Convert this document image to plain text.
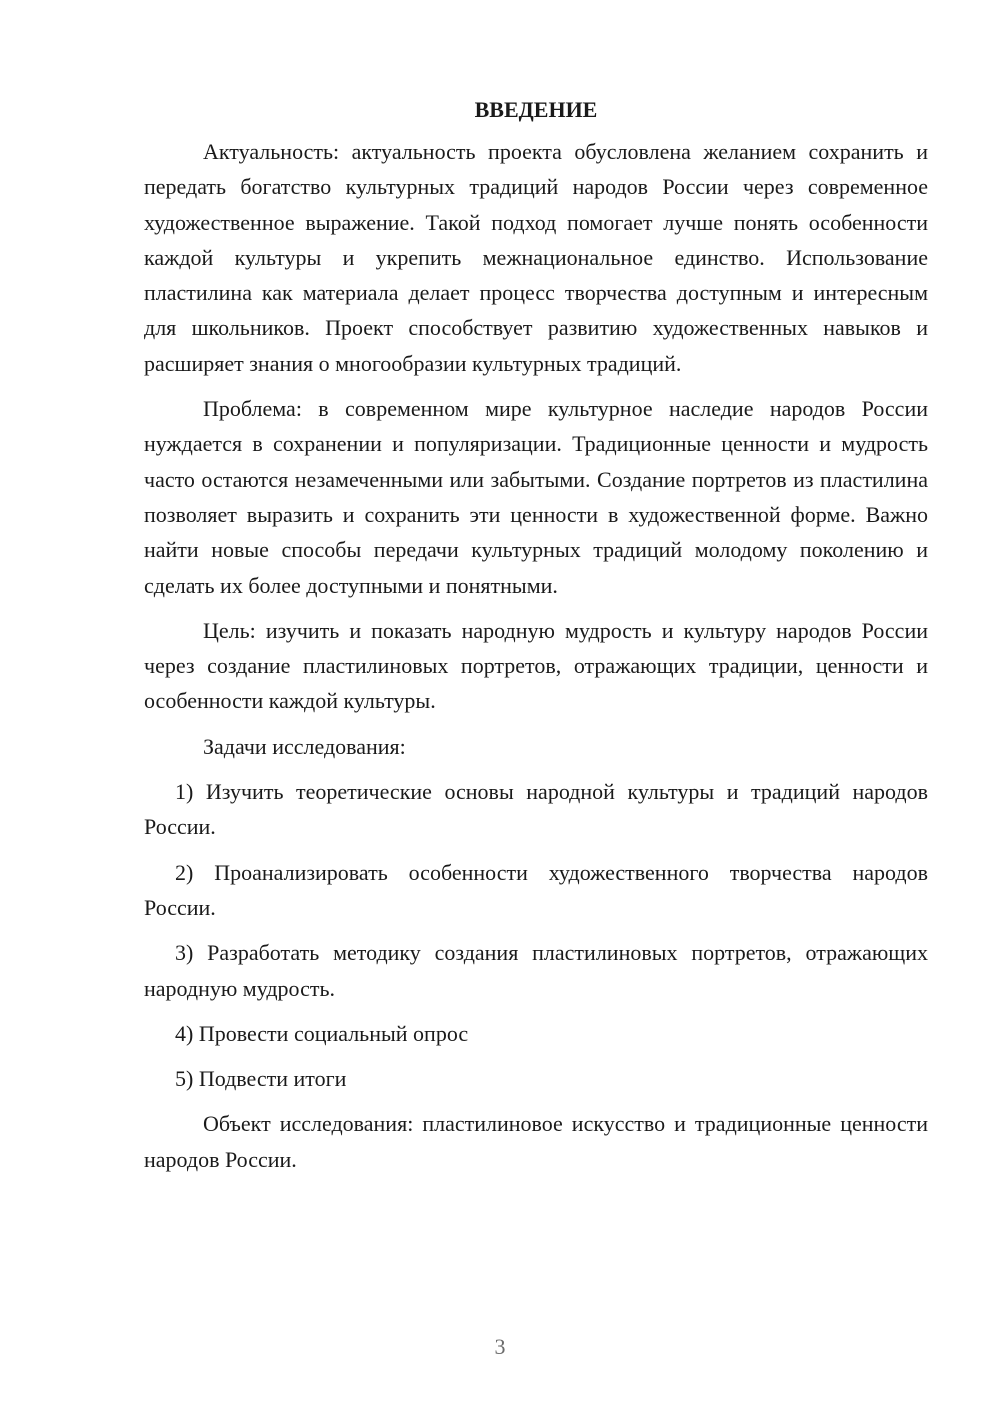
ВВЕДЕНИЕ

Актуальность: актуальность проекта обусловлена желанием сохранить и передать богатство культурных традиций народов России через современное художественное выражение. Такой подход помогает лучше понять особенности каждой культуры и укрепить межнациональное единство. Использование пластилина как материала делает процесс творчества доступным и интересным для школьников. Проект способствует развитию художественных навыков и расширяет знания о многообразии культурных традиций.

Проблема: в современном мире культурное наследие народов России нуждается в сохранении и популяризации. Традиционные ценности и мудрость часто остаются незамеченными или забытыми. Создание портретов из пластилина позволяет выразить и сохранить эти ценности в художественной форме. Важно найти новые способы передачи культурных традиций молодому поколению и сделать их более доступными и понятными.

Цель: изучить и показать народную мудрость и культуру народов России через создание пластилиновых портретов, отражающих традиции, ценности и особенности каждой культуры.

Задачи исследования:

1) Изучить теоретические основы народной культуры и традиций народов России.

2) Проанализировать особенности художественного творчества народов России.

3) Разработать методику создания пластилиновых портретов, отражающих народную мудрость.

4) Провести социальный опрос

5) Подвести итоги

Объект исследования: пластилиновое искусство и традиционные ценности народов России.

3
